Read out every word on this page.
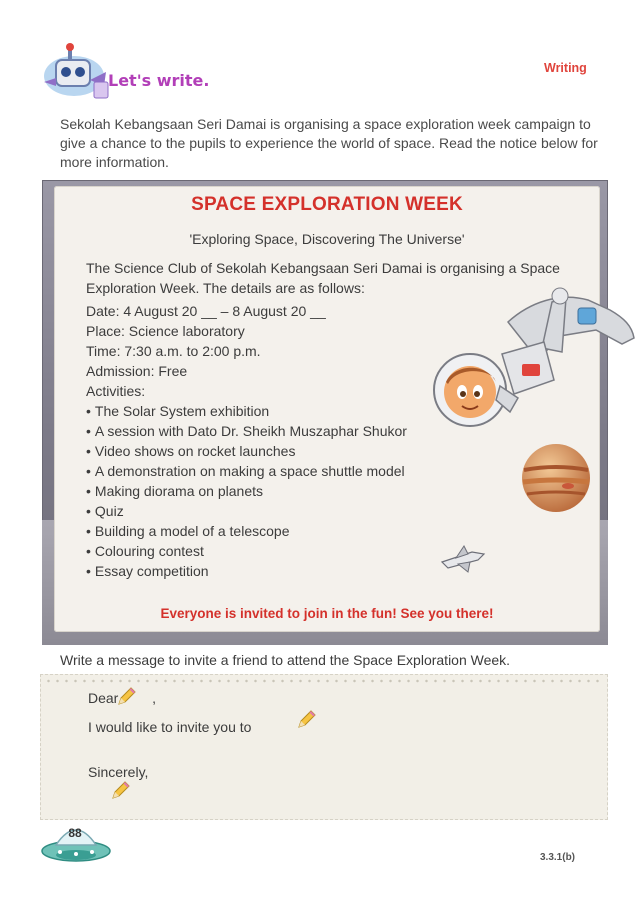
Let's write.
Writing

Sekolah Kebangsaan Seri Damai is organising a space exploration week campaign to give a chance to the pupils to experience the world of space. Read the notice below for more information.

SPACE EXPLORATION WEEK
'Exploring Space, Discovering The Universe'

The Science Club of Sekolah Kebangsaan Seri Damai is organising a Space Exploration Week. The details are as follows:

Date: 4 August 20 __ – 8 August 20 __

Place: Science laboratory

Time: 7:30 a.m. to 2:00 p.m.

Admission: Free

Activities:

• The Solar System exhibition
• A session with Dato Dr. Sheikh Muszaphar Shukor
• Video shows on rocket launches
• A demonstration on making a space shuttle model
• Making diorama on planets
• Quiz
• Building a model of a telescope
• Colouring contest
• Essay competition
Everyone is invited to join in the fun! See you there!
Write a message to invite a friend to attend the Space Exploration Week.
Dear ,
I would like to invite you to
Sincerely,
88
3.3.1(b)
